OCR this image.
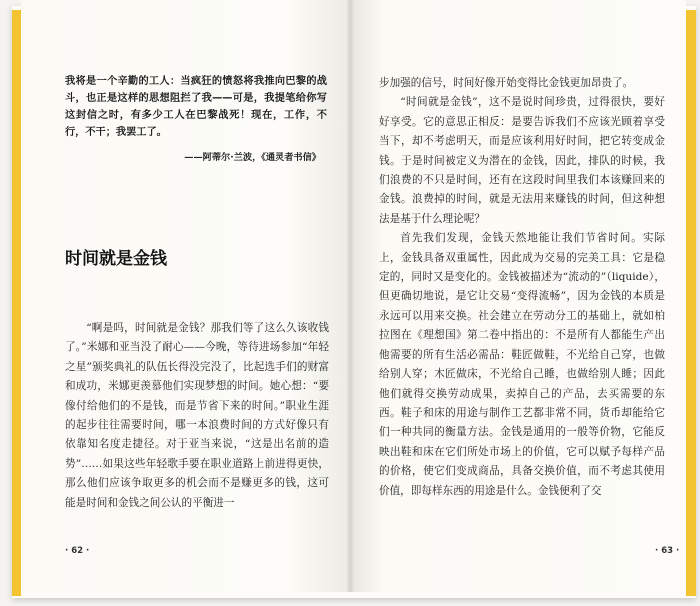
我将是一个辛勤的工人：当疯狂的愤怒将我推向巴黎的战斗，也正是这样的思想阻拦了我——可是，我提笔给你写这封信之时，有多少工人在巴黎战死！现在，工作，不行，不干；我罢工了。
——阿蒂尔·兰波，《通灵者书信》
时间就是金钱

“啊是吗，时间就是金钱？那我们等了这么久该收钱了。”米娜和亚当没了耐心——今晚，等待进场参加“年轻之星”颁奖典礼的队伍长得没完没了，比起选手们的财富和成功，米娜更羡慕他们实现梦想的时间。她心想：“要像付给他们的不是钱，而是节省下来的时间。”职业生涯的起步往往需要时间，哪一本浪费时间的方式好像只有依靠知名度走捷径。对于亚当来说，“这是出名前的造势”……如果这些年轻歌手要在职业道路上前进得更快，那么他们应该争取更多的机会而不是赚更多的钱，这可能是时间和金钱之间公认的平衡进一

· 62 ·

步加强的信号，时间好像开始变得比金钱更加昂贵了。

“时间就是金钱”，这不是说时间珍贵，过得很快，要好好享受。它的意思正相反：是要告诉我们不应该光顾着享受当下，却不考虑明天，而是应该利用好时间，把它转变成金钱。于是时间被定义为潜在的金钱，因此，排队的时候，我们浪费的不只是时间，还有在这段时间里我们本该赚回来的金钱。浪费掉的时间，就是无法用来赚钱的时间，但这种想法是基于什么理论呢？

首先我们发现，金钱天然地能让我们节省时间。实际上，金钱具备双重属性，因此成为交易的完美工具：它是稳定的，同时又是变化的。金钱被描述为“流动的”（liquide），但更确切地说，是它让交易“变得流畅”，因为金钱的本质是永远可以用来交换。社会建立在劳动分工的基础上，就如柏拉图在《理想国》第二卷中指出的：不是所有人都能生产出他需要的所有生活必需品：鞋匠做鞋，不光给自己穿，也做给别人穿；木匠做床，不光给自己睡，也做给别人睡；因此他们就得交换劳动成果，卖掉自己的产品，去买需要的东西。鞋子和床的用途与制作工艺都非常不同，货币却能给它们一种共同的衡量方法。金钱是通用的一般等价物，它能反映出鞋和床在它们所处市场上的价值，它可以赋予每样产品的价格，使它们变成商品，具备交换价值，而不考虑其使用价值，即每样东西的用途是什么。金钱便利了交

· 63 ·
